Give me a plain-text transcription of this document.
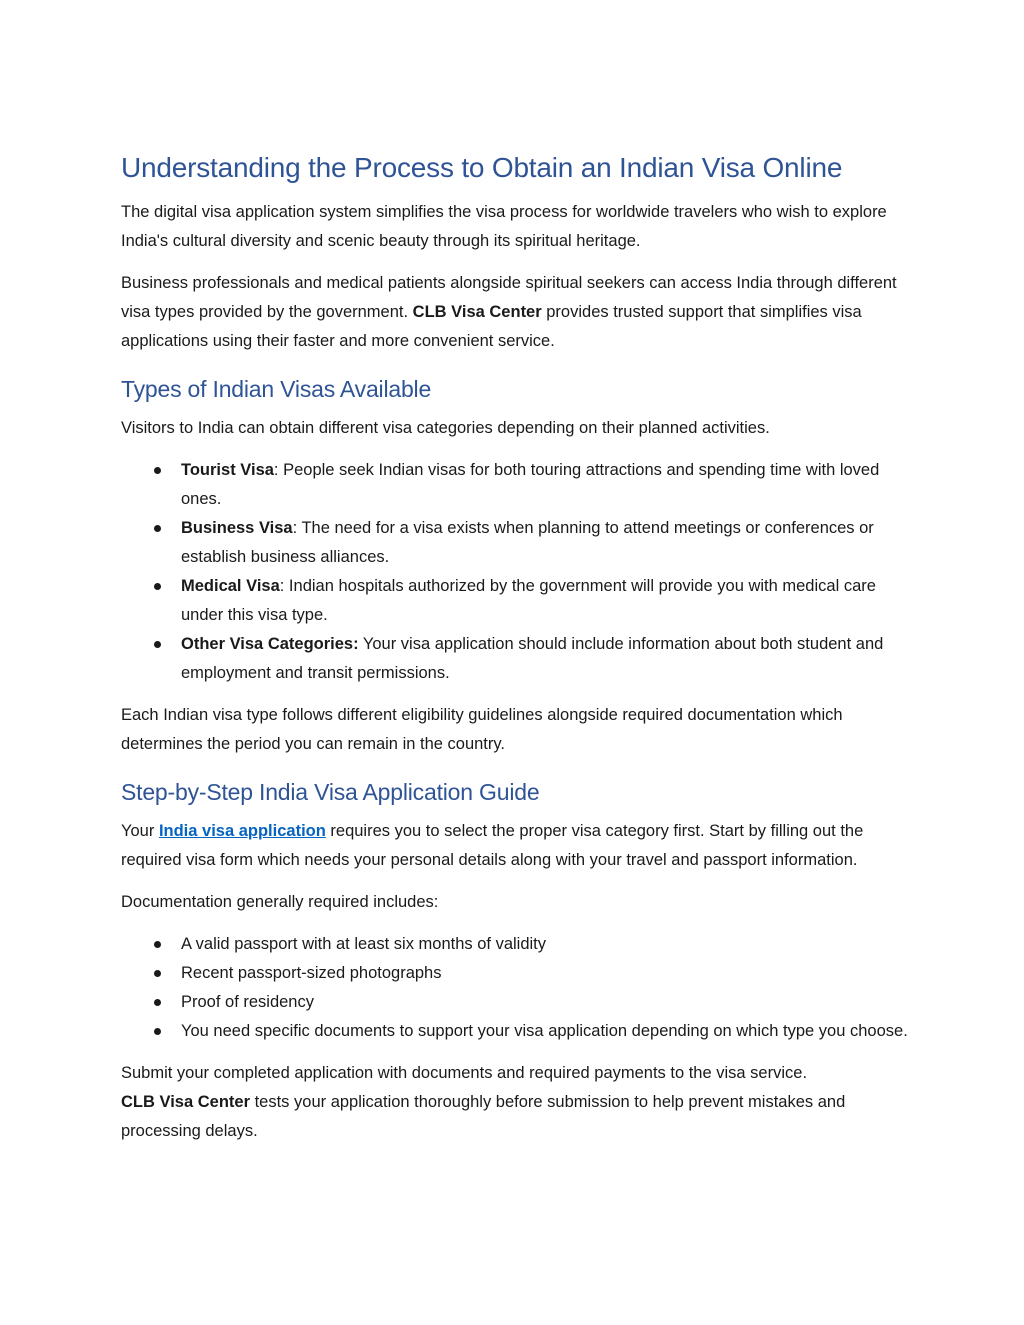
Understanding the Process to Obtain an Indian Visa Online

The digital visa application system simplifies the visa process for worldwide travelers who wish to explore India's cultural diversity and scenic beauty through its spiritual heritage.

Business professionals and medical patients alongside spiritual seekers can access India through different visa types provided by the government. CLB Visa Center provides trusted support that simplifies visa applications using their faster and more convenient service.

Types of Indian Visas Available

Visitors to India can obtain different visa categories depending on their planned activities.

Tourist Visa: People seek Indian visas for both touring attractions and spending time with loved ones.
Business Visa: The need for a visa exists when planning to attend meetings or conferences or establish business alliances.
Medical Visa: Indian hospitals authorized by the government will provide you with medical care under this visa type.
Other Visa Categories: Your visa application should include information about both student and employment and transit permissions.

Each Indian visa type follows different eligibility guidelines alongside required documentation which determines the period you can remain in the country.

Step-by-Step India Visa Application Guide

Your India visa application requires you to select the proper visa category first. Start by filling out the required visa form which needs your personal details along with your travel and passport information.

Documentation generally required includes:

A valid passport with at least six months of validity
Recent passport-sized photographs
Proof of residency
You need specific documents to support your visa application depending on which type you choose.

Submit your completed application with documents and required payments to the visa service.
CLB Visa Center tests your application thoroughly before submission to help prevent mistakes and processing delays.
